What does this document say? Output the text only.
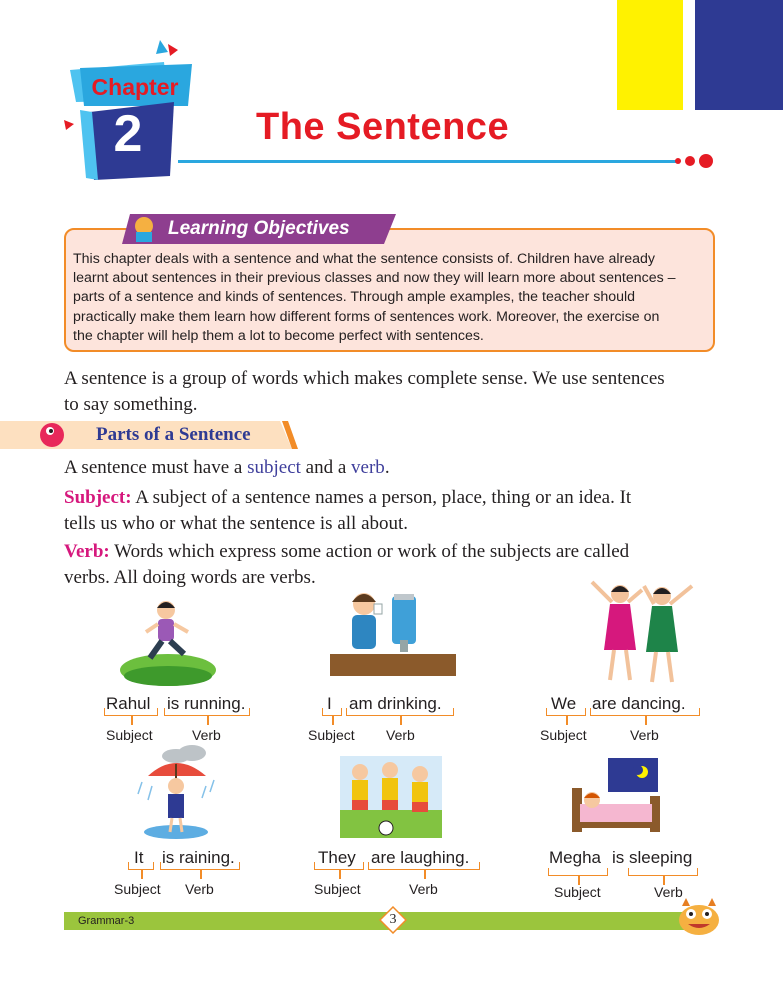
Chapter
2	The Sentence
Learning Objectives
This chapter deals with a sentence and what the sentence consists of. Children have already
learnt about sentences in their previous classes and now they will learn more about sentences –
parts of a sentence and kinds of sentences. Through ample examples, the teacher should
practically make them learn how different forms of sentences work. Moreover, the exercise on
the chapter will help them a lot to become perfect with sentences.
A sentence is a group of words which makes complete sense. We use sentences
to say something.
Parts of a Sentence
A sentence must have a subject and a verb.
Subject: A subject of a sentence names a person, place, thing or an idea. It
tells us who or what the sentence is all about.
Verb: Words which express some action or work of the subjects are called
verbs. All doing words are verbs.
Rahul is running.
Subject	Verb
I am drinking.
Subject Verb
We are dancing.
Subject	Verb
It is raining.
Subject Verb
They are laughing.
Subject	Verb
Megha is sleeping
Subject	Verb
Grammar-3	3
